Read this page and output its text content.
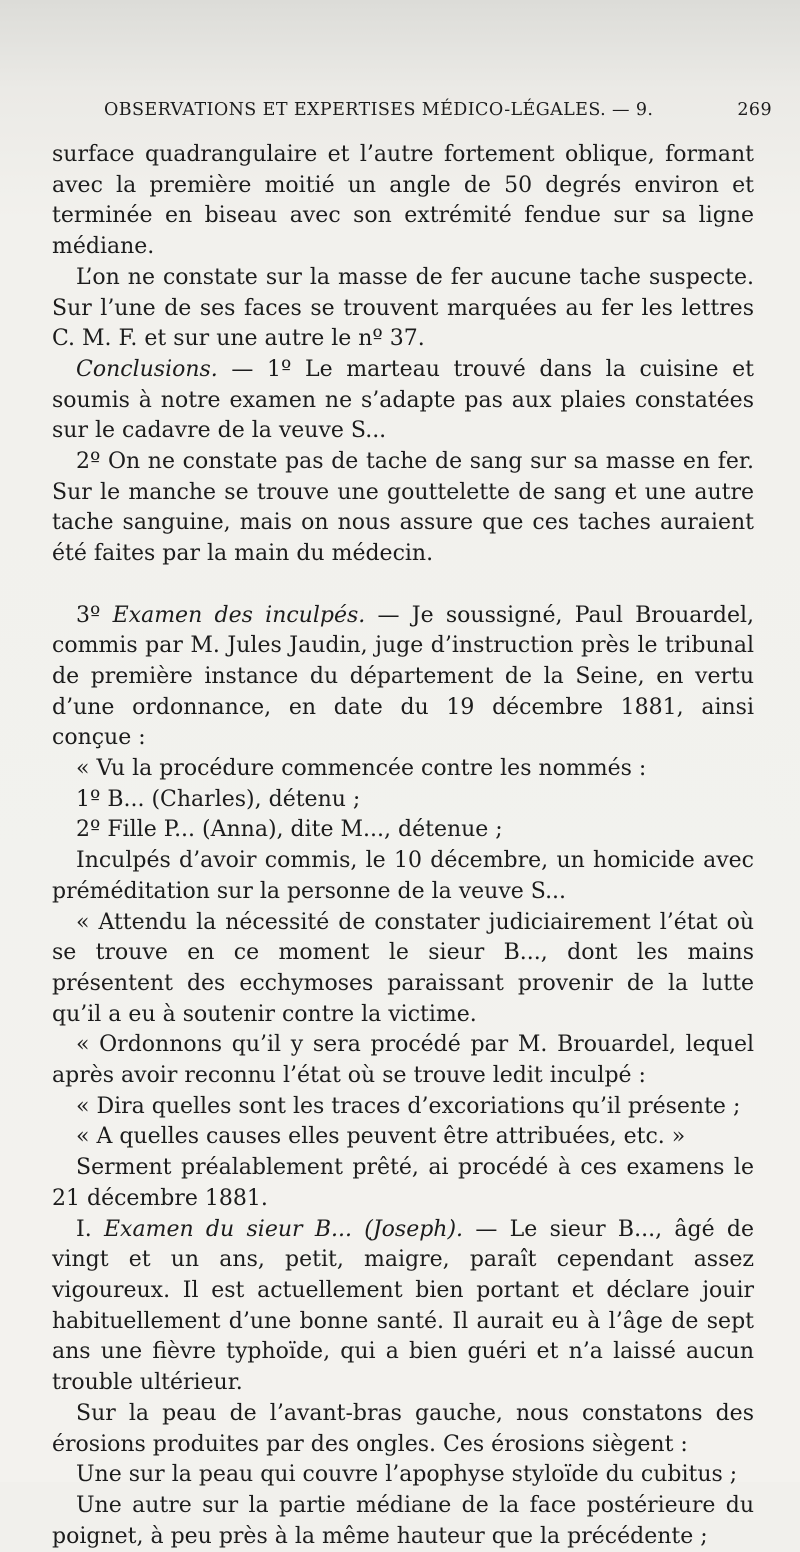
OBSERVATIONS ET EXPERTISES MÉDICO-LÉGALES. — 9.	269

surface quadrangulaire et l’autre fortement oblique, formant avec la première moitié un angle de 50 degrés environ et terminée en biseau avec son extrémité fendue sur sa ligne médiane.

L’on ne constate sur la masse de fer aucune tache suspecte. Sur l’une de ses faces se trouvent marquées au fer les lettres C. M. F. et sur une autre le nº 37.

Conclusions. — 1º Le marteau trouvé dans la cuisine et soumis à notre examen ne s’adapte pas aux plaies constatées sur le cadavre de la veuve S...

2º On ne constate pas de tache de sang sur sa masse en fer. Sur le manche se trouve une gouttelette de sang et une autre tache sanguine, mais on nous assure que ces taches auraient été faites par la main du médecin.

3º Examen des inculpés. — Je soussigné, Paul Brouardel, commis par M. Jules Jaudin, juge d’instruction près le tribunal de première instance du département de la Seine, en vertu d’une ordonnance, en date du 19 décembre 1881, ainsi conçue :

« Vu la procédure commencée contre les nommés :

1º B... (Charles), détenu ;

2º Fille P... (Anna), dite M..., détenue ;

Inculpés d’avoir commis, le 10 décembre, un homicide avec préméditation sur la personne de la veuve S...

« Attendu la nécessité de constater judiciairement l’état où se trouve en ce moment le sieur B..., dont les mains présentent des ecchymoses paraissant provenir de la lutte qu’il a eu à soutenir contre la victime.

« Ordonnons qu’il y sera procédé par M. Brouardel, lequel après avoir reconnu l’état où se trouve ledit inculpé :

« Dira quelles sont les traces d’excoriations qu’il présente ;

« A quelles causes elles peuvent être attribuées, etc. »

Serment préalablement prêté, ai procédé à ces examens le 21 décembre 1881.

I. Examen du sieur B... (Joseph). — Le sieur B..., âgé de vingt et un ans, petit, maigre, paraît cependant assez vigoureux. Il est actuellement bien portant et déclare jouir habituellement d’une bonne santé. Il aurait eu à l’âge de sept ans une fièvre typhoïde, qui a bien guéri et n’a laissé aucun trouble ultérieur.

Sur la peau de l’avant-bras gauche, nous constatons des érosions produites par des ongles. Ces érosions siègent :

Une sur la peau qui couvre l’apophyse styloïde du cubitus ;

Une autre sur la partie médiane de la face postérieure du poignet, à peu près à la même hauteur que la précédente ;
